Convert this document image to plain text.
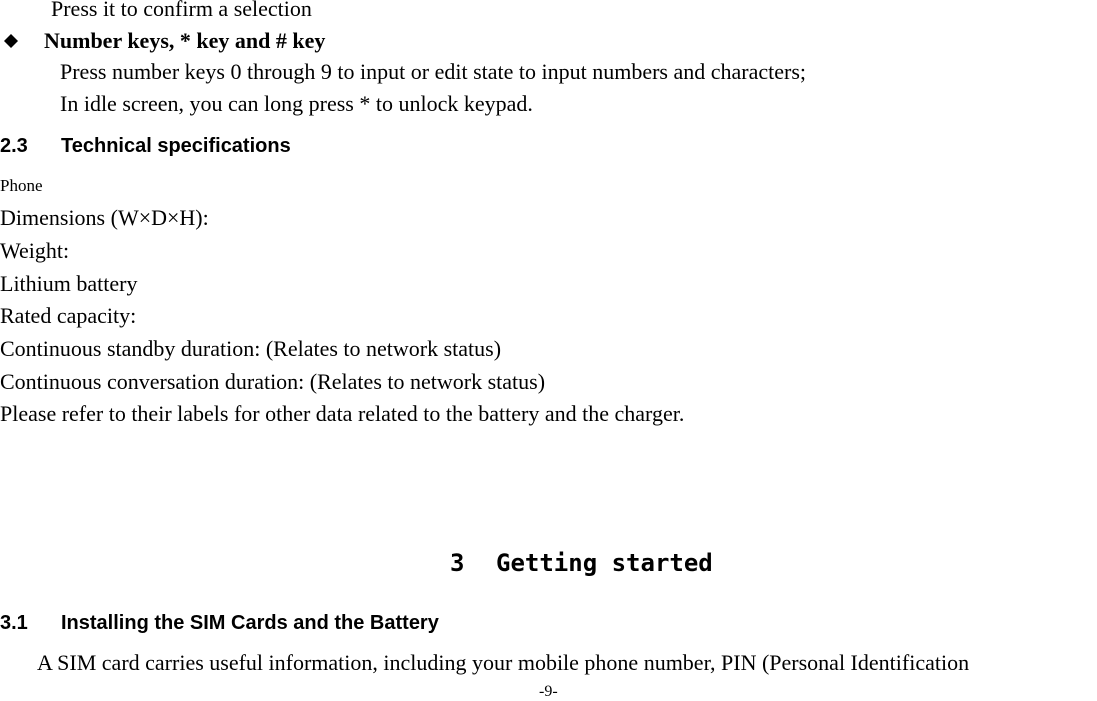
Press it to confirm a selection
Number keys, * key and # key
Press number keys 0 through 9 to input or edit state to input numbers and characters;
In idle screen, you can long press * to unlock keypad.
2.3 Technical specifications
Phone
Dimensions (W×D×H):
Weight:
Lithium battery
Rated capacity:
Continuous standby duration: (Relates to network status)
Continuous conversation duration: (Relates to network status)
Please refer to their labels for other data related to the battery and the charger.
3 Getting started
3.1 Installing the SIM Cards and the Battery
A SIM card carries useful information, including your mobile phone number, PIN (Personal Identification
-9-
